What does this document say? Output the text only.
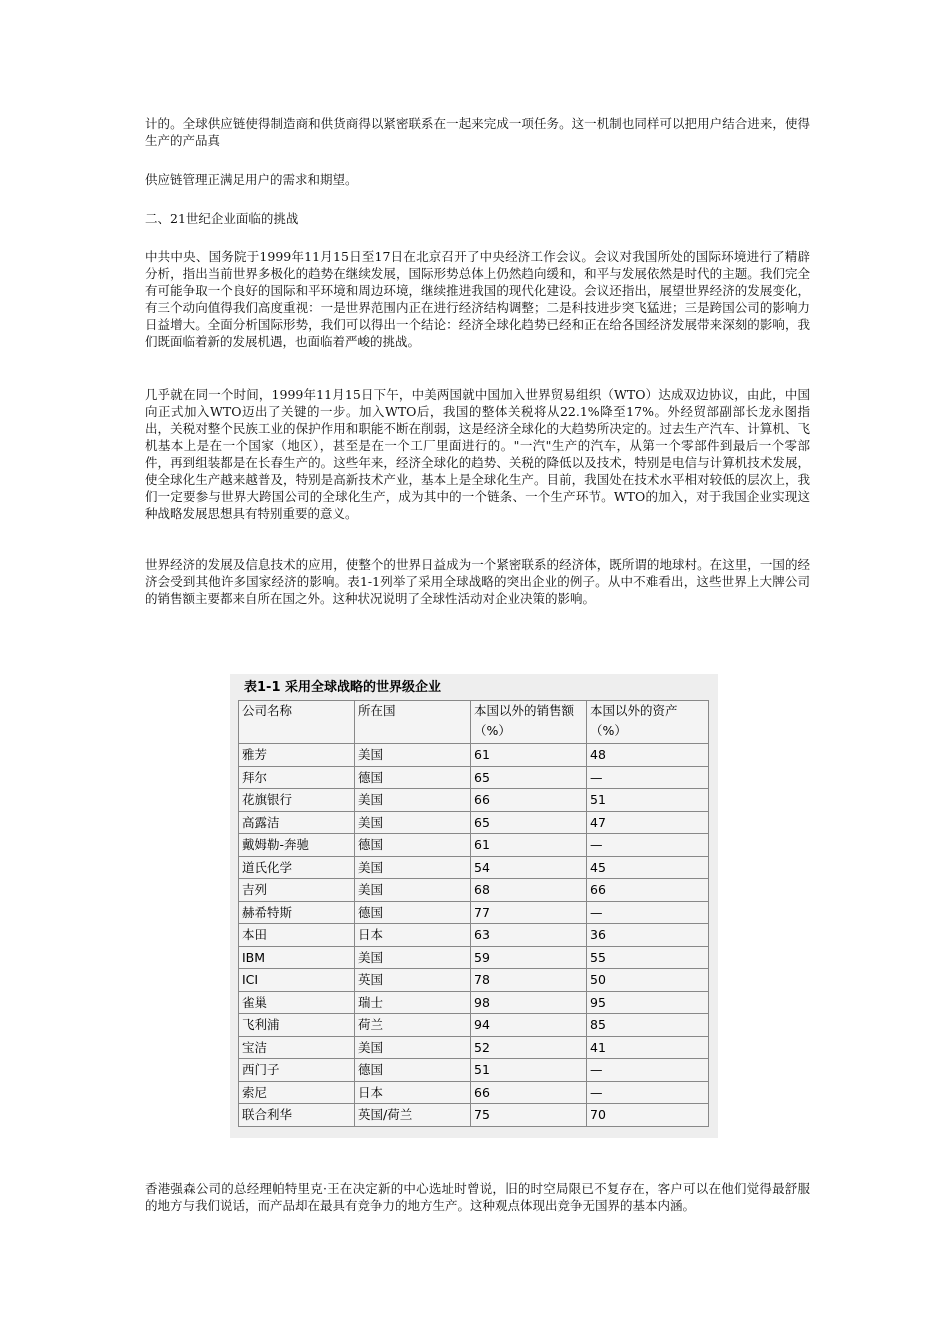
计的。全球供应链使得制造商和供货商得以紧密联系在一起来完成一项任务。这一机制也同样可以把用户结合进来，使得生产的产品真

供应链管理正满足用户的需求和期望。

二、21世纪企业面临的挑战

中共中央、国务院于1999年11月15日至17日在北京召开了中央经济工作会议。会议对我国所处的国际环境进行了精辟分析，指出当前世界多极化的趋势在继续发展，国际形势总体上仍然趋向缓和，和平与发展依然是时代的主题。我们完全有可能争取一个良好的国际和平环境和周边环境，继续推进我国的现代化建设。会议还指出，展望世界经济的发展变化，有三个动向值得我们高度重视：一是世界范围内正在进行经济结构调整；二是科技进步突飞猛进；三是跨国公司的影响力日益增大。全面分析国际形势，我们可以得出一个结论：经济全球化趋势已经和正在给各国经济发展带来深刻的影响，我们既面临着新的发展机遇，也面临着严峻的挑战。

几乎就在同一个时间，1999年11月15日下午，中美两国就中国加入世界贸易组织（WTO）达成双边协议，由此，中国向正式加入WTO迈出了关键的一步。加入WTO后，我国的整体关税将从22.1%降至17%。外经贸部副部长龙永图指出，关税对整个民族工业的保护作用和职能不断在削弱，这是经济全球化的大趋势所决定的。过去生产汽车、计算机、飞机基本上是在一个国家（地区），甚至是在一个工厂里面进行的。"一汽"生产的汽车，从第一个零部件到最后一个零部件，再到组装都是在长春生产的。这些年来，经济全球化的趋势、关税的降低以及技术，特别是电信与计算机技术发展，使全球化生产越来越普及，特别是高新技术产业，基本上是全球化生产。目前，我国处在技术水平相对较低的层次上，我们一定要参与世界大跨国公司的全球化生产，成为其中的一个链条、一个生产环节。WTO的加入，对于我国企业实现这种战略发展思想具有特别重要的意义。

世界经济的发展及信息技术的应用，使整个的世界日益成为一个紧密联系的经济体，既所谓的地球村。在这里，一国的经济会受到其他许多国家经济的影响。表1-1列举了采用全球战略的突出企业的例子。从中不难看出，这些世界上大牌公司的销售额主要都来自所在国之外。这种状况说明了全球性活动对企业决策的影响。

表1-1 采用全球战略的世界级企业
公司名称	所在国	本国以外的销售额（%）	本国以外的资产（%）
雅芳	美国	61	48
拜尔	德国	65	—
花旗银行	美国	66	51
高露洁	美国	65	47
戴姆勒-奔驰	德国	61	—
道氏化学	美国	54	45
吉列	美国	68	66
赫希特斯	德国	77	—
本田	日本	63	36
IBM	美国	59	55
ICI	英国	78	50
雀巢	瑞士	98	95
飞利浦	荷兰	94	85
宝洁	美国	52	41
西门子	德国	51	—
索尼	日本	66	—
联合利华	英国/荷兰	75	70

香港强森公司的总经理帕特里克·王在决定新的中心选址时曾说，旧的时空局限已不复存在，客户可以在他们觉得最舒服的地方与我们说话，而产品却在最具有竞争力的地方生产。这种观点体现出竞争无国界的基本内涵。
